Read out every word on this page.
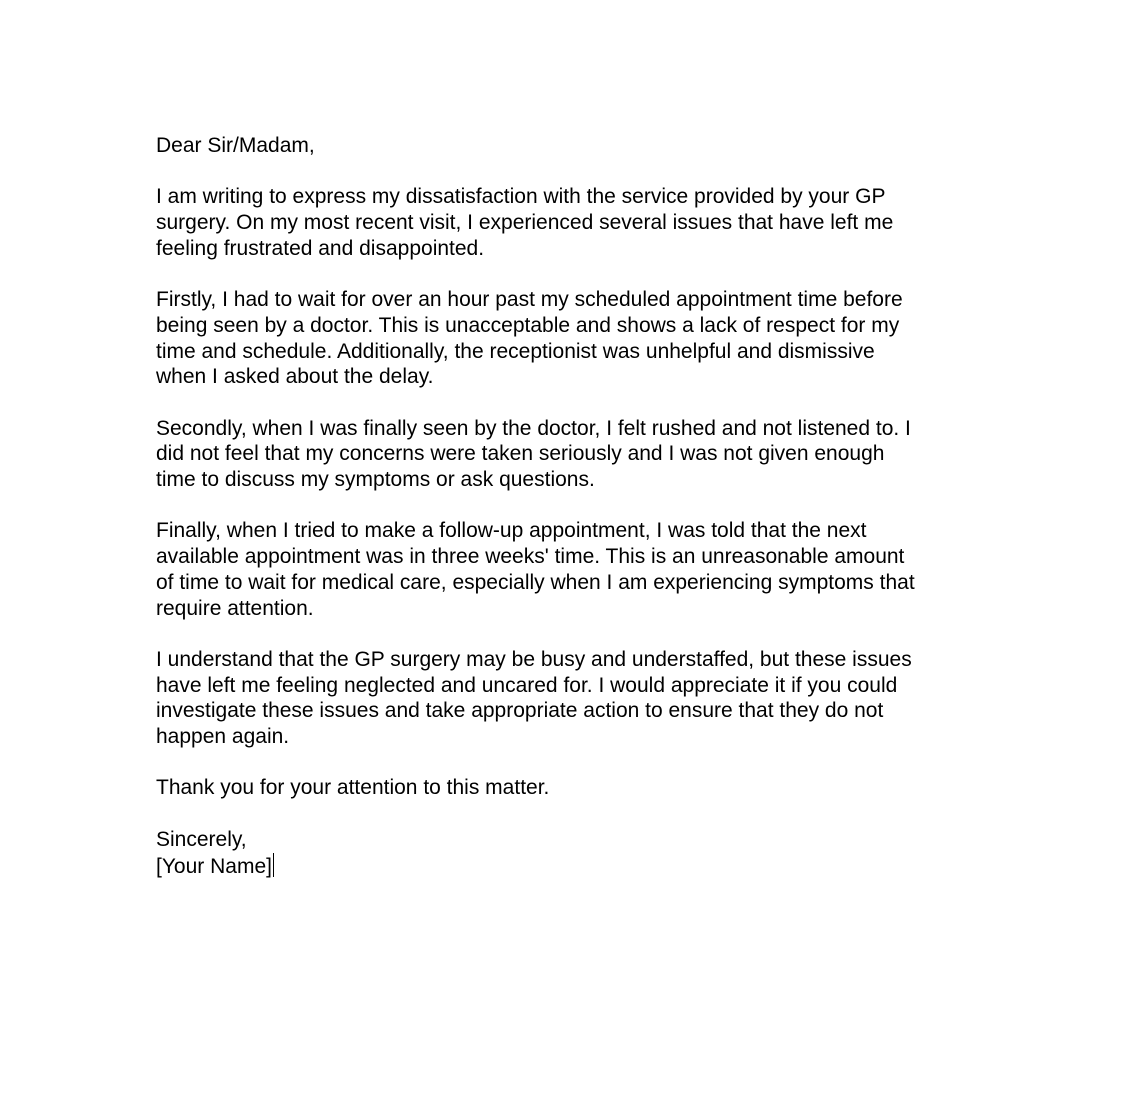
Dear Sir/Madam,

I am writing to express my dissatisfaction with the service provided by your GP
surgery. On my most recent visit, I experienced several issues that have left me
feeling frustrated and disappointed.

Firstly, I had to wait for over an hour past my scheduled appointment time before
being seen by a doctor. This is unacceptable and shows a lack of respect for my
time and schedule. Additionally, the receptionist was unhelpful and dismissive
when I asked about the delay.

Secondly, when I was finally seen by the doctor, I felt rushed and not listened to. I
did not feel that my concerns were taken seriously and I was not given enough
time to discuss my symptoms or ask questions.

Finally, when I tried to make a follow-up appointment, I was told that the next
available appointment was in three weeks' time. This is an unreasonable amount
of time to wait for medical care, especially when I am experiencing symptoms that
require attention.

I understand that the GP surgery may be busy and understaffed, but these issues
have left me feeling neglected and uncared for. I would appreciate it if you could
investigate these issues and take appropriate action to ensure that they do not
happen again.

Thank you for your attention to this matter.

Sincerely,
[Your Name]
